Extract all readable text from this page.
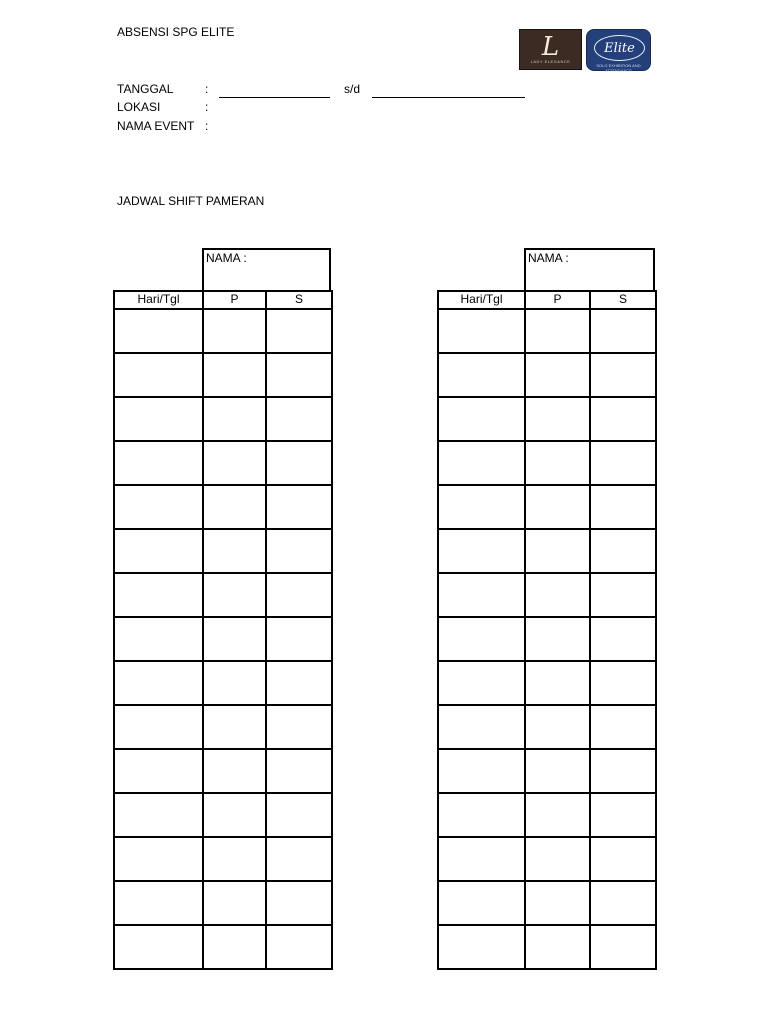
ABSENSI SPG ELITE	L
LADY ELEGANCE
Elite
SOLO EXHIBITION AND ATTENDANCE
TANGGAL	:	s/d
LOKASI	:
NAMA EVENT :
JADWAL SHIFT PAMERAN
NAMA :
Hari/Tgl	P	S

NAMA :
Hari/Tgl	P	S
